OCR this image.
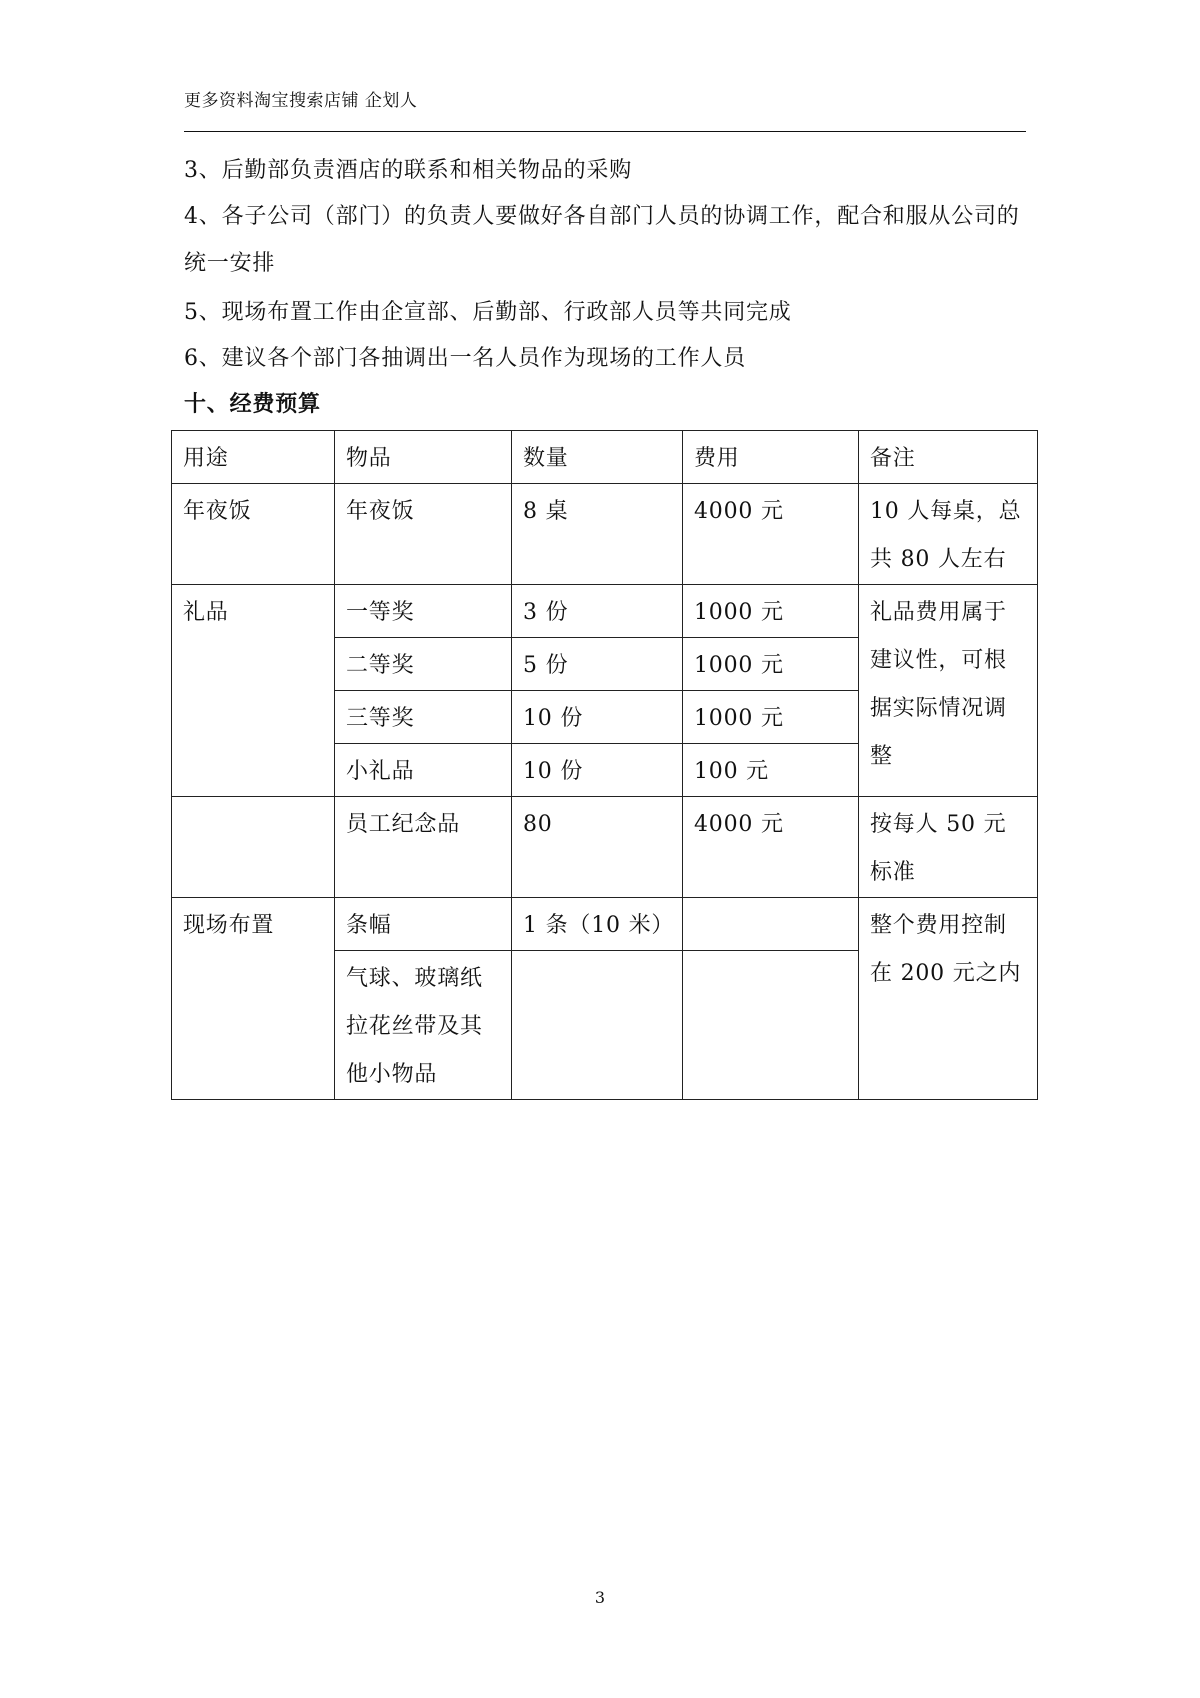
更多资料淘宝搜索店铺 企划人
3、后勤部负责酒店的联系和相关物品的采购
4、各子公司（部门）的负责人要做好各自部门人员的协调工作，配合和服从公司的统一安排
5、现场布置工作由企宣部、后勤部、行政部人员等共同完成
6、建议各个部门各抽调出一名人员作为现场的工作人员
十、经费预算
用途	物品	数量	费用	备注
年夜饭	年夜饭	8 桌	4000 元	10 人每桌，总共 80 人左右
礼品	一等奖	3 份	1000 元	礼品费用属于建议性，可根据实际情况调整
	二等奖	5 份	1000 元	
	三等奖	10 份	1000 元	
	小礼品	10 份	100 元	
	员工纪念品	80	4000 元	按每人 50 元标准
现场布置	条幅	1 条（10 米）		整个费用控制在 200 元之内
	气球、玻璃纸拉花丝带及其他小物品			
3
